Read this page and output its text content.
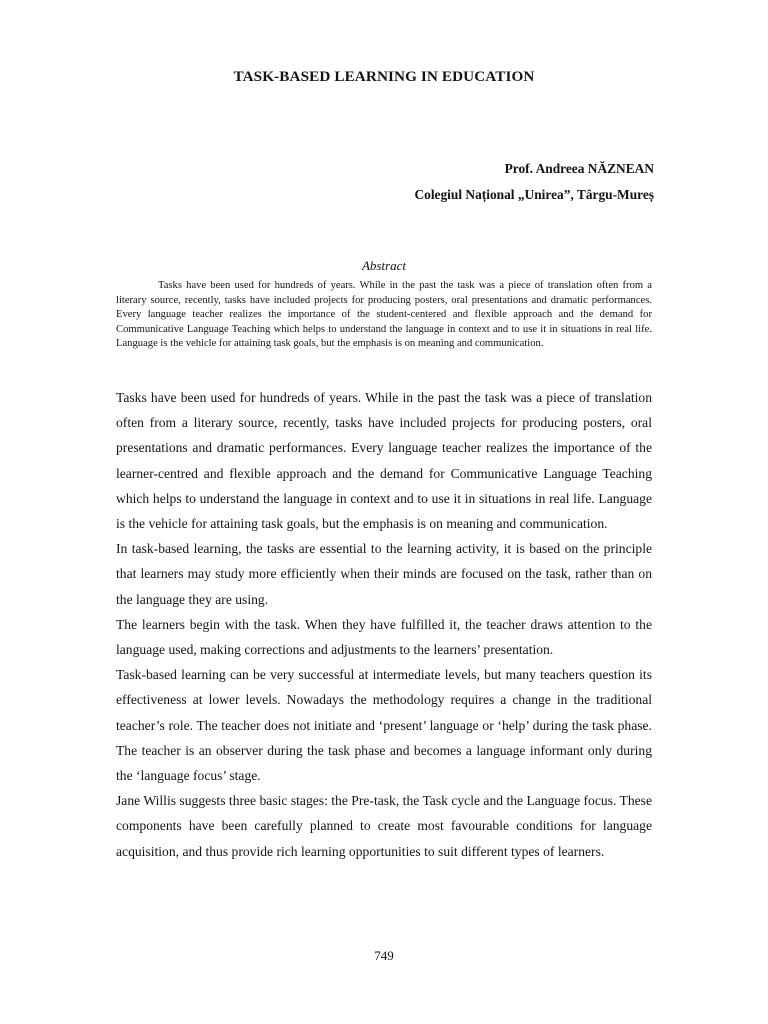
TASK-BASED LEARNING IN EDUCATION
Prof. Andreea NĂZNEAN
Colegiul Național „Unirea”, Târgu-Mureș
Abstract

Tasks have been used for hundreds of years. While in the past the task was a piece of translation often from a literary source, recently, tasks have included projects for producing posters, oral presentations and dramatic performances. Every language teacher realizes the importance of the student-centered and flexible approach and the demand for Communicative Language Teaching which helps to understand the language in context and to use it in situations in real life. Language is the vehicle for attaining task goals, but the emphasis is on meaning and communication.

Tasks have been used for hundreds of years. While in the past the task was a piece of translation often from a literary source, recently, tasks have included projects for producing posters, oral presentations and dramatic performances. Every language teacher realizes the importance of the learner-centred and flexible approach and the demand for Communicative Language Teaching which helps to understand the language in context and to use it in situations in real life. Language is the vehicle for attaining task goals, but the emphasis is on meaning and communication.

In task-based learning, the tasks are essential to the learning activity, it is based on the principle that learners may study more efficiently when their minds are focused on the task, rather than on the language they are using.

The learners begin with the task. When they have fulfilled it, the teacher draws attention to the language used, making corrections and adjustments to the learners’ presentation.

Task-based learning can be very successful at intermediate levels, but many teachers question its effectiveness at lower levels. Nowadays the methodology requires a change in the traditional teacher’s role. The teacher does not initiate and ‘present’ language or ‘help’ during the task phase. The teacher is an observer during the task phase and becomes a language informant only during the ‘language focus’ stage.

Jane Willis suggests three basic stages: the Pre-task, the Task cycle and the Language focus. These components have been carefully planned to create most favourable conditions for language acquisition, and thus provide rich learning opportunities to suit different types of learners.

749
